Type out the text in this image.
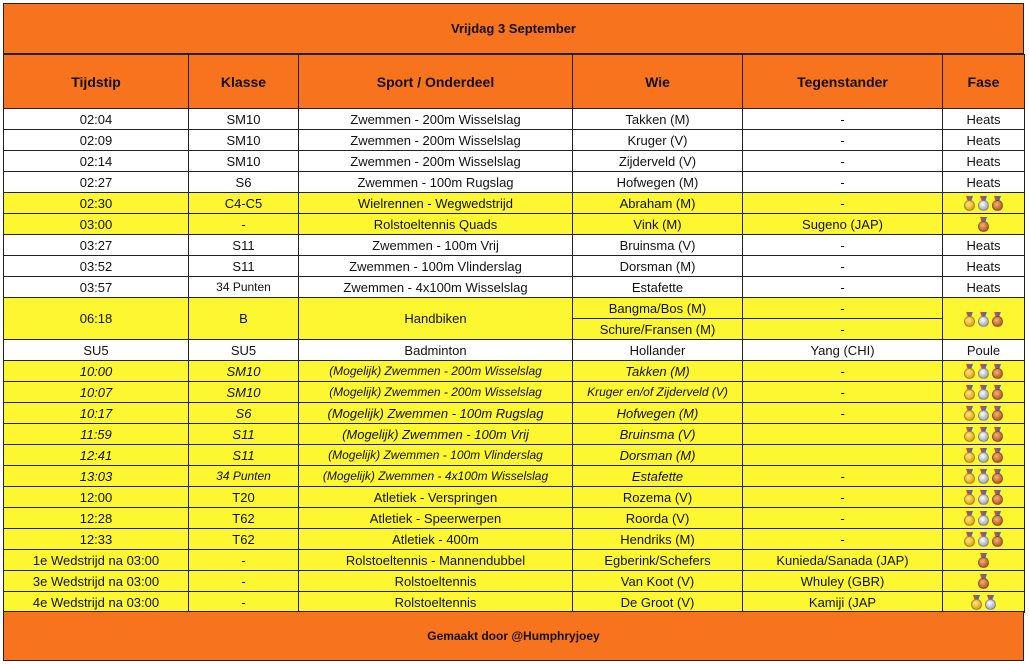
Vrijdag 3 September
Tijdstip	Klasse	Sport / Onderdeel	Wie	Tegenstander	Fase
02:04	SM10	Zwemmen - 200m Wisselslag	Takken (M)	-	Heats
02:09	SM10	Zwemmen - 200m Wisselslag	Kruger (V)	-	Heats
02:14	SM10	Zwemmen - 200m Wisselslag	Zijderveld (V)	-	Heats
02:27	S6	Zwemmen - 100m Rugslag	Hofwegen (M)	-	Heats
02:30	C4-C5	Wielrennen - Wegwedstrijd	Abraham (M)	-	

03:00	-	Rolstoeltennis Quads	Vink (M)	Sugeno (JAP)	

03:27	S11	Zwemmen - 100m Vrij	Bruinsma (V)	-	Heats
03:52	S11	Zwemmen - 100m Vlinderslag	Dorsman (M)	-	Heats
03:57	34 Punten	Zwemmen - 4x100m Wisselslag	Estafette	-	Heats
06:18	B	Handbiken	Bangma/Bos (M)	-	

			Schure/Fransen (M)	-	
SU5	SU5	Badminton	Hollander	Yang (CHI)	Poule
10:00	SM10	(Mogelijk) Zwemmen - 200m Wisselslag	Takken (M)	-	

10:07	SM10	(Mogelijk) Zwemmen - 200m Wisselslag	Kruger en/of Zijderveld (V)	-	

10:17	S6	(Mogelijk) Zwemmen - 100m Rugslag	Hofwegen (M)	-	

11:59	S11	(Mogelijk) Zwemmen - 100m Vrij	Bruinsma (V)		

12:41	S11	(Mogelijk) Zwemmen - 100m Vlinderslag	Dorsman (M)		

13:03	34 Punten	(Mogelijk) Zwemmen - 4x100m Wisselslag	Estafette	-	

12:00	T20	Atletiek - Verspringen	Rozema (V)	-	

12:28	T62	Atletiek - Speerwerpen	Roorda (V)	-	

12:33	T62	Atletiek - 400m	Hendriks (M)	-	

1e Wedstrijd na 03:00	-	Rolstoeltennis - Mannendubbel	Egberink/Schefers	Kunieda/Sanada (JAP)	

3e Wedstrijd na 03:00	-	Rolstoeltennis	Van Koot (V)	Whuley (GBR)	

4e Wedstrijd na 03:00	-	Rolstoeltennis	De Groot (V)	Kamiji (JAP	
Gemaakt door @Humphryjoey
